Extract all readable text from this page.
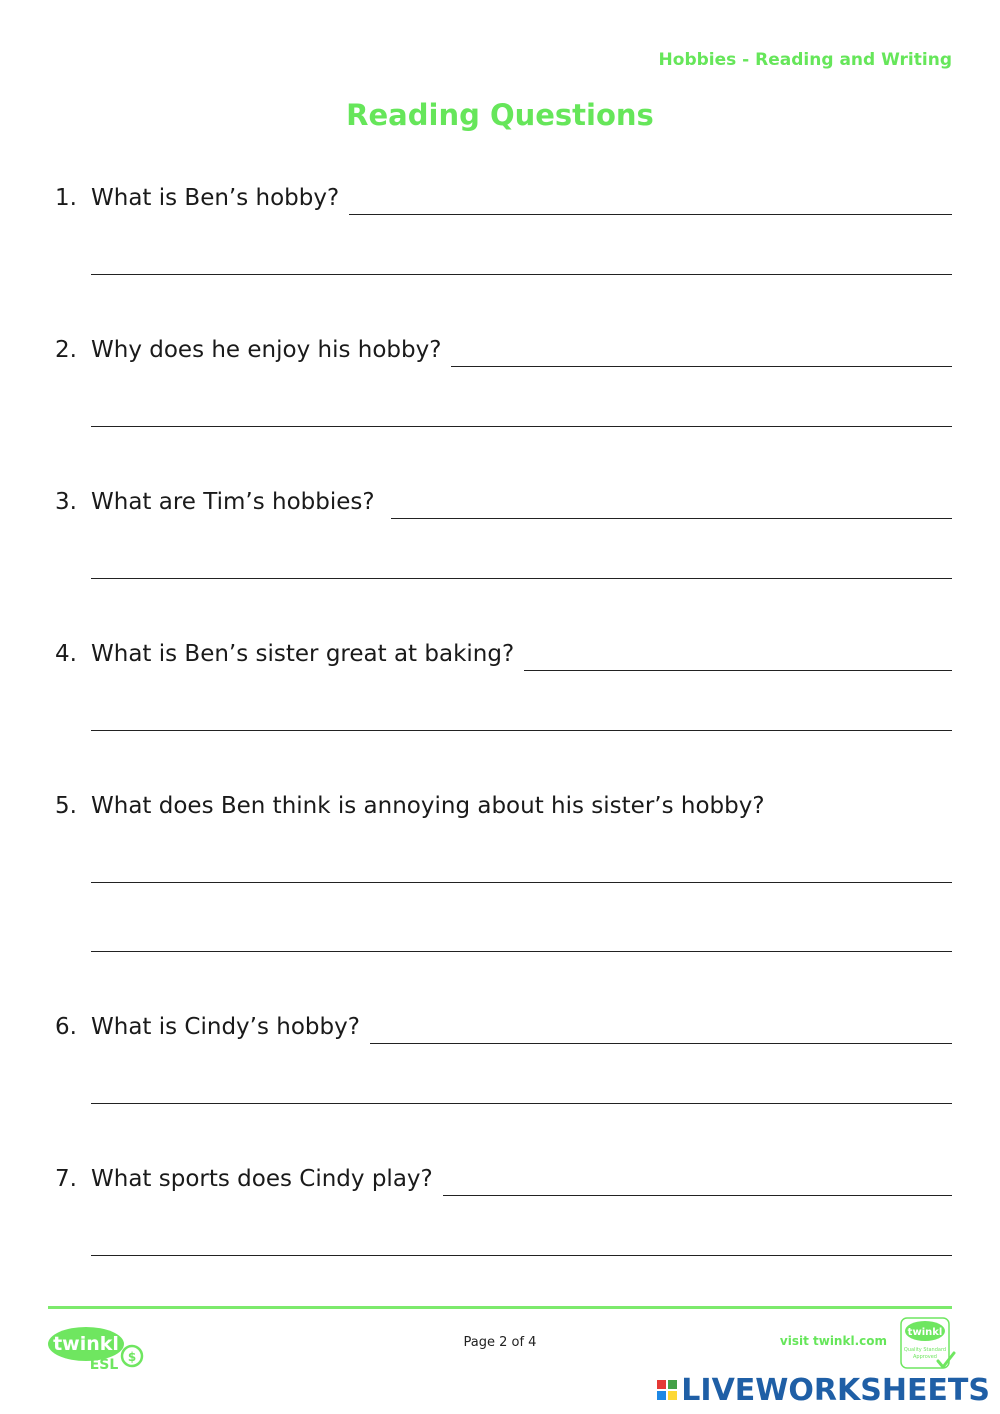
Hobbies - Reading and Writing
Reading Questions
1. What is Ben’s hobby?
2. Why does he enjoy his hobby?
3. What are Tim’s hobbies?
4. What is Ben’s sister great at baking?
5. What does Ben think is annoying about his sister’s hobby?
6. What is Cindy’s hobby?
7. What sports does Cindy play?
$
twinkl
ESL
Page 2 of 4	visit twinkl.com
twinkl
Quality Standard
Approved
LIVEWORKSHEETS
